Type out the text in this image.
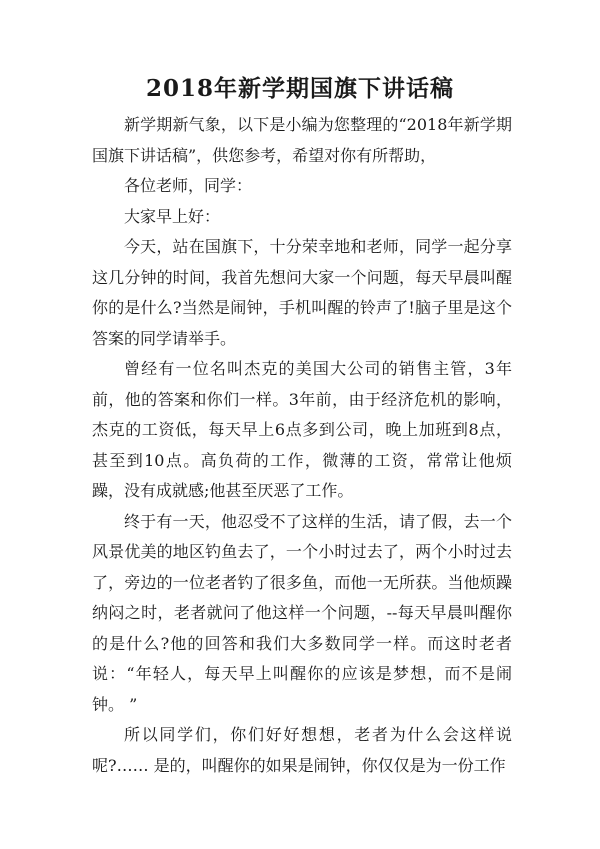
2018年新学期国旗下讲话稿

新学期新气象，以下是小编为您整理的“2018年新学期国旗下讲话稿”，供您参考，希望对你有所帮助，

各位老师，同学：

大家早上好：

今天，站在国旗下，十分荣幸地和老师，同学一起分享这几分钟的时间，我首先想问大家一个问题，每天早晨叫醒你的是什么?当然是闹钟，手机叫醒的铃声了!脑子里是这个答案的同学请举手。

曾经有一位名叫杰克的美国大公司的销售主管，3年前，他的答案和你们一样。3年前，由于经济危机的影响，杰克的工资低，每天早上6点多到公司，晚上加班到8点，甚至到10点。高负荷的工作，微薄的工资，常常让他烦躁，没有成就感;他甚至厌恶了工作。

终于有一天，他忍受不了这样的生活，请了假，去一个风景优美的地区钓鱼去了，一个小时过去了，两个小时过去了，旁边的一位老者钓了很多鱼，而他一无所获。当他烦躁纳闷之时，老者就问了他这样一个问题，--每天早晨叫醒你的是什么?他的回答和我们大多数同学一样。而这时老者说：“年轻人，每天早上叫醒你的应该是梦想，而不是闹钟。 ”

所以同学们，你们好好想想，老者为什么会这样说呢?…… 是的，叫醒你的如果是闹钟，你仅仅是为一份工作
